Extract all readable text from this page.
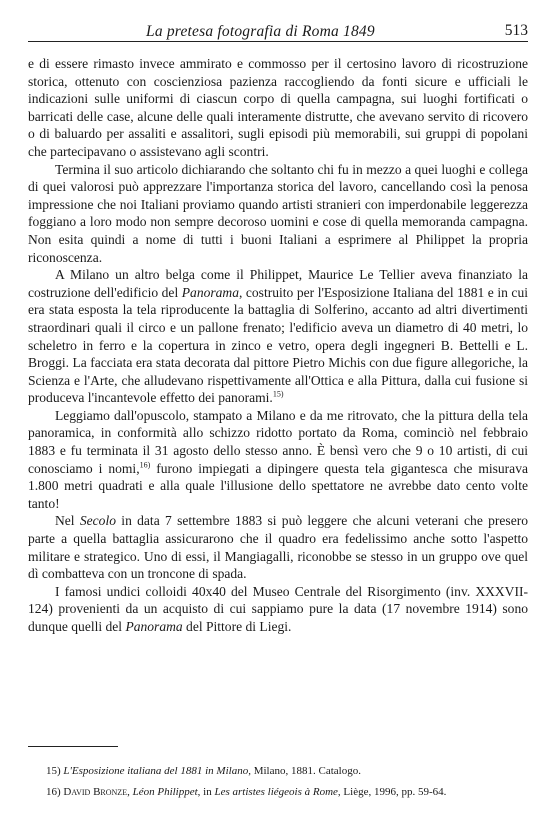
La pretesa fotografia di Roma 1849	513

e di essere rimasto invece ammirato e commosso per il certosino lavoro di ricostruzione storica, ottenuto con coscienziosa pazienza raccogliendo da fonti sicure e ufficiali le indicazioni sulle uniformi di ciascun corpo di quella campagna, sui luoghi fortificati o barricati delle case, alcune delle quali interamente distrutte, che avevano servito di ricovero o di baluardo per assaliti e assalitori, sugli episodi più memorabili, sui gruppi di popolani che partecipavano o assistevano agli scontri.

Termina il suo articolo dichiarando che soltanto chi fu in mezzo a quei luoghi e collega di quei valorosi può apprezzare l'importanza storica del lavoro, cancellando così la penosa impressione che noi Italiani proviamo quando artisti stranieri con imperdonabile leggerezza foggiano a loro modo non sempre decoroso uomini e cose di quella memoranda campagna. Non esita quindi a nome di tutti i buoni Italiani a esprimere al Philippet la propria riconoscenza.

A Milano un altro belga come il Philippet, Maurice Le Tellier aveva finanziato la costruzione dell'edificio del Panorama, costruito per l'Esposizione Italiana del 1881 e in cui era stata esposta la tela riproducente la battaglia di Solferino, accanto ad altri divertimenti straordinari quali il circo e un pallone frenato; l'edificio aveva un diametro di 40 metri, lo scheletro in ferro e la copertura in zinco e vetro, opera degli ingegneri B. Bettelli e L. Broggi. La facciata era stata decorata dal pittore Pietro Michis con due figure allegoriche, la Scienza e l'Arte, che alludevano rispettivamente all'Ottica e alla Pittura, dalla cui fusione si produceva l'incantevole effetto dei panorami.$^{15)}$

Leggiamo dall'opuscolo, stampato a Milano e da me ritrovato, che la pittura della tela panoramica, in conformità allo schizzo ridotto portato da Roma, cominciò nel febbraio 1883 e fu terminata il 31 agosto dello stesso anno. È bensì vero che 9 o 10 artisti, di cui conosciamo i nomi,$^{16)}$ furono impiegati a dipingere questa tela gigantesca che misurava 1.800 metri quadrati e alla quale l'illusione dello spettatore ne avrebbe dato cento volte tanto!

Nel Secolo in data 7 settembre 1883 si può leggere che alcuni veterani che presero parte a quella battaglia assicurarono che il quadro era fedelissimo anche sotto l'aspetto militare e strategico. Uno di essi, il Mangiagalli, riconobbe se stesso in un gruppo ove quel dì combatteva con un troncone di spada.

I famosi undici colloidi 40x40 del Museo Centrale del Risorgimento (inv. XXXVII-124) provenienti da un acquisto di cui sappiamo pure la data (17 novembre 1914) sono dunque quelli del Panorama del Pittore di Liegi.

15) L'Esposizione italiana del 1881 in Milano, Milano, 1881. Catalogo.
16) David Bronze, Léon Philippet, in Les artistes liégeois à Rome, Liège, 1996, pp. 59-64.
